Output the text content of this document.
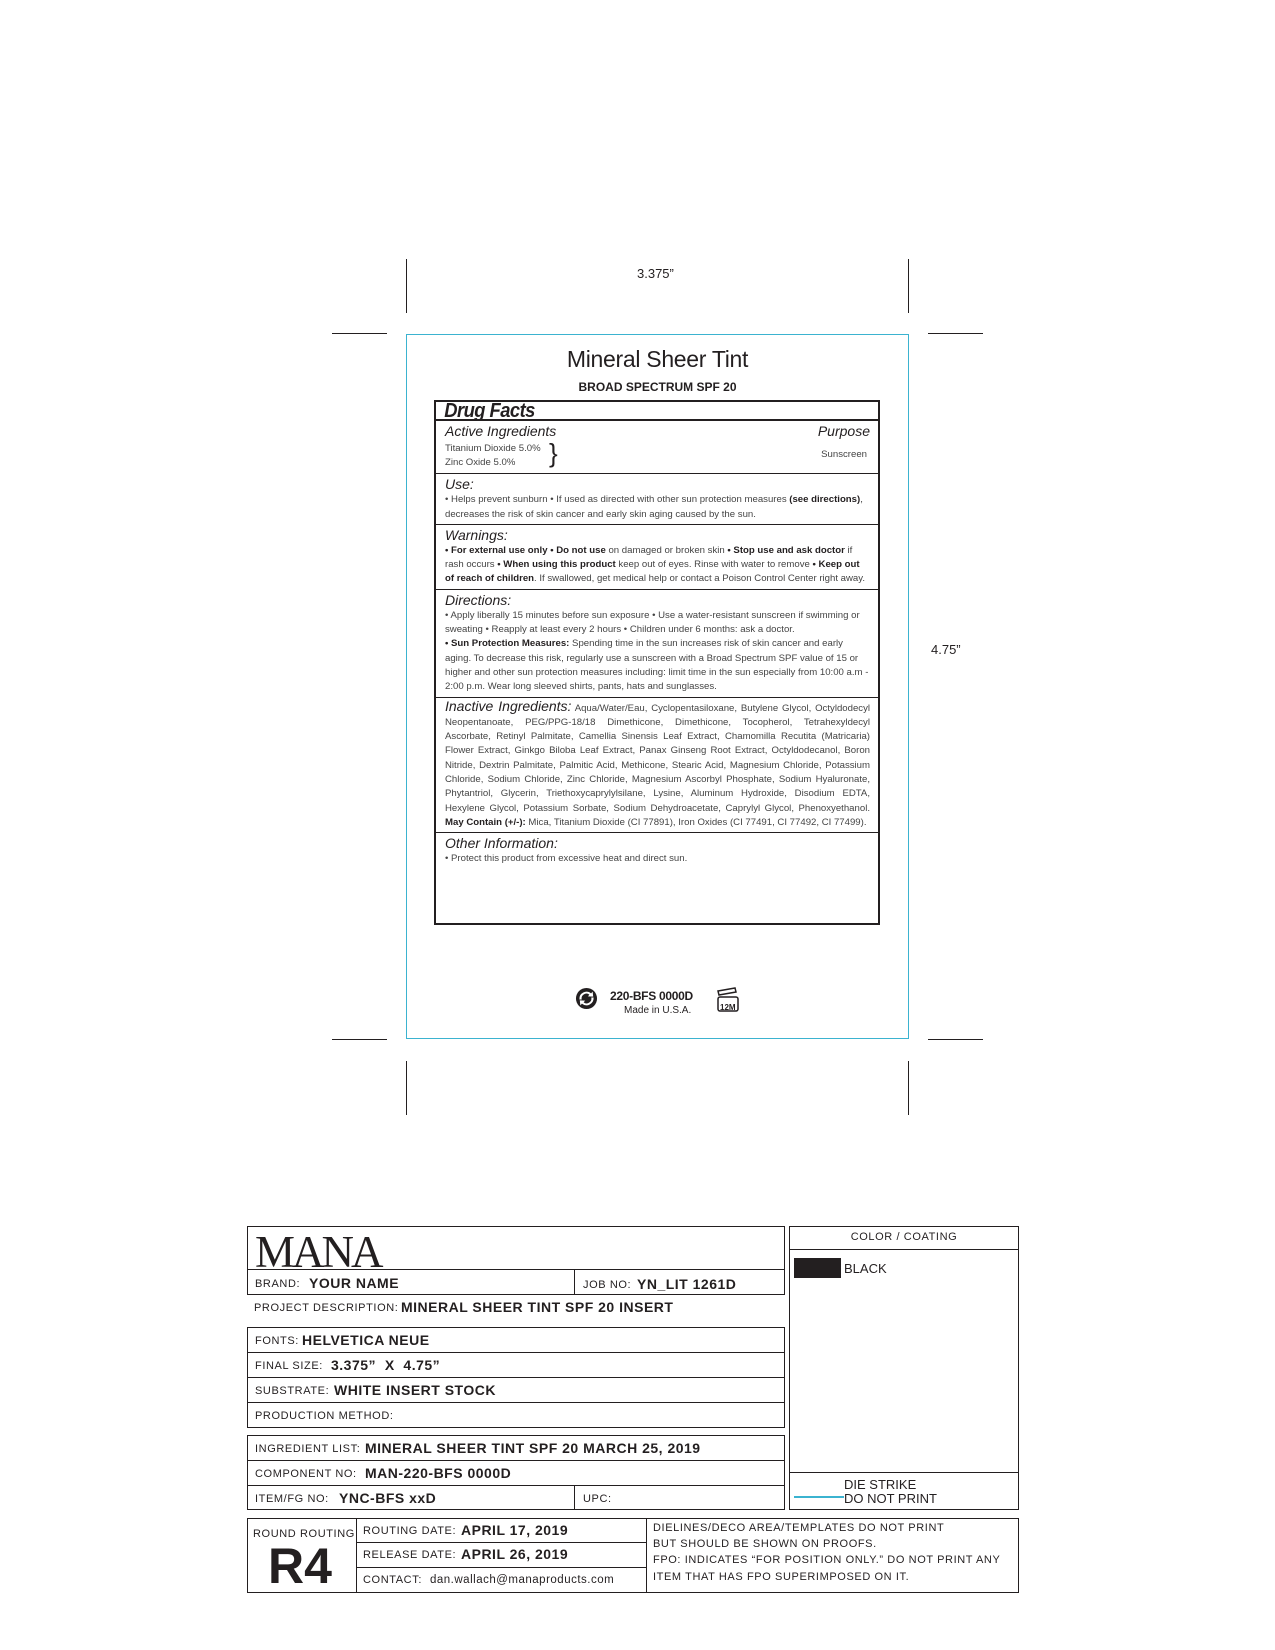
3.375”
4.75”
Mineral Sheer Tint
BROAD SPECTRUM SPF 20
Drug Facts
Active Ingredients	Purpose
Titanium Dioxide 5.0%
Zinc Oxide 5.0% }	Sunscreen
Use:

• Helps prevent sunburn • If used as directed with other sun protection measures (see directions), decreases the risk of skin cancer and early skin aging caused by the sun.

Warnings:

• For external use only • Do not use on damaged or broken skin • Stop use and ask doctor if rash occurs • When using this product keep out of eyes. Rinse with water to remove • Keep out of reach of children. If swallowed, get medical help or contact a Poison Control Center right away.

Directions:

• Apply liberally 15 minutes before sun exposure • Use a water-resistant sunscreen if swimming or sweating • Reapply at least every 2 hours • Children under 6 months: ask a doctor.

• Sun Protection Measures: Spending time in the sun increases risk of skin cancer and early aging. To decrease this risk, regularly use a sunscreen with a Broad Spectrum SPF value of 15 or higher and other sun protection measures including: limit time in the sun especially from 10:00 a.m - 2:00 p.m. Wear long sleeved shirts, pants, hats and sunglasses.

Inactive Ingredients: Aqua/Water/Eau, Cyclopentasiloxane, Butylene Glycol, Octyldodecyl Neopentanoate, PEG/PPG-18/18 Dimethicone, Dimethicone, Tocopherol, Tetrahexyldecyl Ascorbate, Retinyl Palmitate, Camellia Sinensis Leaf Extract, Chamomilla Recutita (Matricaria) Flower Extract, Ginkgo Biloba Leaf Extract, Panax Ginseng Root Extract, Octyldodecanol, Boron Nitride, Dextrin Palmitate, Palmitic Acid, Methicone, Stearic Acid, Magnesium Chloride, Potassium Chloride, Sodium Chloride, Zinc Chloride, Magnesium Ascorbyl Phosphate, Sodium Hyaluronate, Phytantriol, Glycerin, Triethoxycaprylylsilane, Lysine, Aluminum Hydroxide, Disodium EDTA, Hexylene Glycol, Potassium Sorbate, Sodium Dehydroacetate, Caprylyl Glycol, Phenoxyethanol. May Contain (+/-): Mica, Titanium Dioxide (CI 77891), Iron Oxides (CI 77491, CI 77492, CI 77499).

Other Information:

• Protect this product from excessive heat and direct sun.

220-BFS 0000D
Made in U.S.A.	12M
MANA
BRAND: YOUR NAME	JOB NO: YN_LIT 1261D
PROJECT DESCRIPTION: MINERAL SHEER TINT SPF 20 INSERT
FONTS: HELVETICA NEUE
FINAL SIZE: 3.375”  X  4.75”
SUBSTRATE: WHITE INSERT STOCK
PRODUCTION METHOD:
INGREDIENT LIST: MINERAL SHEER TINT SPF 20 MARCH 25, 2019
COMPONENT NO: MAN-220-BFS 0000D
ITEM/FG NO: YNC-BFS xxD	UPC:
COLOR / COATING
BLACK
DIE STRIKE
DO NOT PRINT
ROUND ROUTING
R4
ROUTING DATE: APRIL 17, 2019
RELEASE DATE: APRIL 26, 2019
CONTACT: dan.wallach@manaproducts.com
DIELINES/DECO AREA/TEMPLATES DO NOT PRINT
BUT SHOULD BE SHOWN ON PROOFS.
FPO: INDICATES “FOR POSITION ONLY.” DO NOT PRINT ANY
ITEM THAT HAS FPO SUPERIMPOSED ON IT.
